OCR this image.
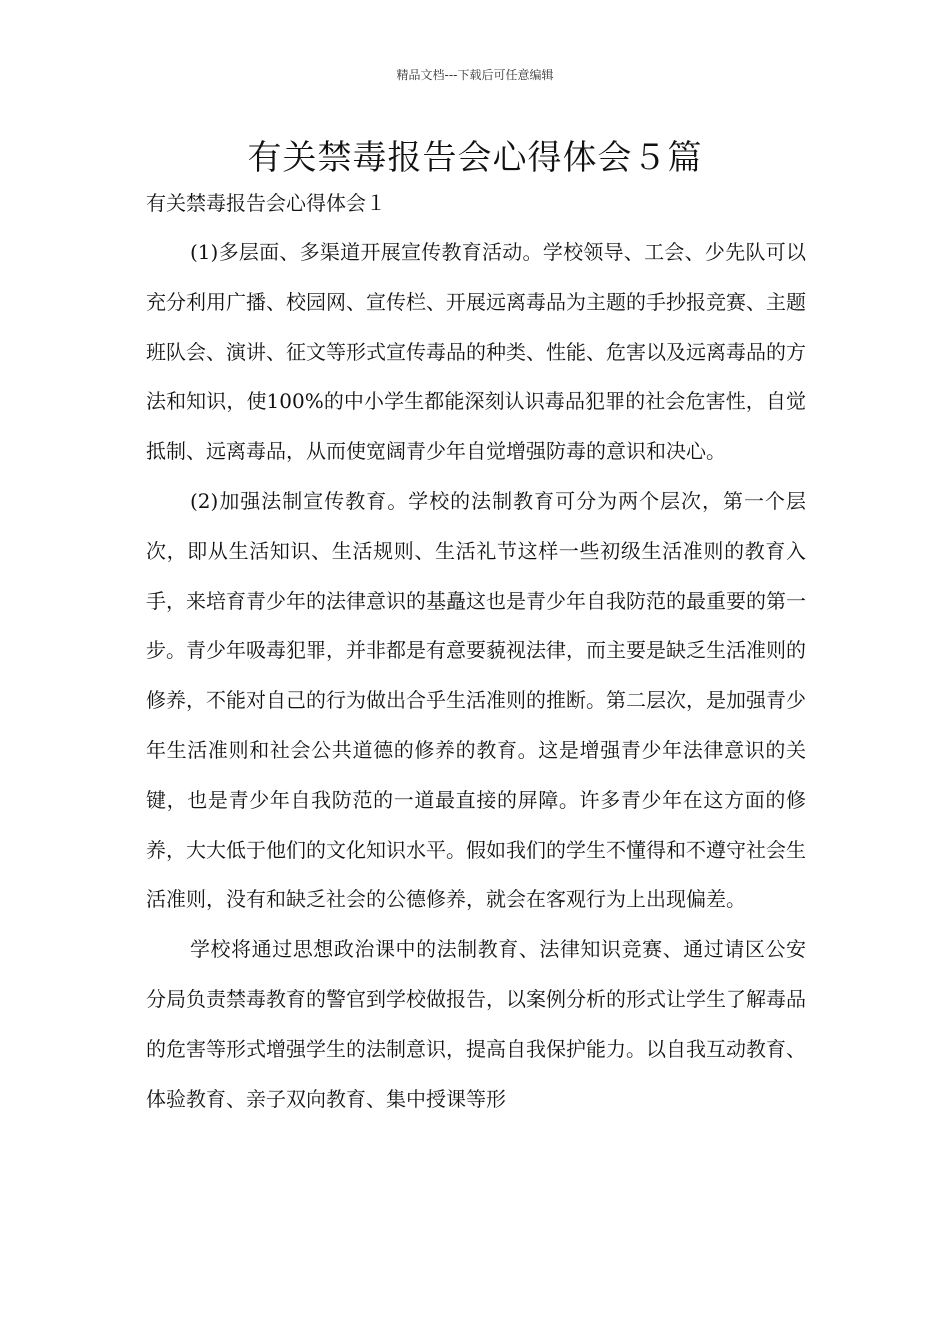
精品文档---下载后可任意编辑
有关禁毒报告会心得体会５篇
有关禁毒报告会心得体会１

(1)多层面、多渠道开展宣传教育活动。学校领导、工会、少先队可以充分利用广播、校园网、宣传栏、开展远离毒品为主题的手抄报竞赛、主题班队会、演讲、征文等形式宣传毒品的种类、性能、危害以及远离毒品的方法和知识，使100%的中小学生都能深刻认识毒品犯罪的社会危害性，自觉抵制、远离毒品，从而使宽阔青少年自觉增强防毒的意识和决心。

(2)加强法制宣传教育。学校的法制教育可分为两个层次，第一个层次，即从生活知识、生活规则、生活礼节这样一些初级生活准则的教育入手，来培育青少年的法律意识的基矗这也是青少年自我防范的最重要的第一步。青少年吸毒犯罪，并非都是有意要藐视法律，而主要是缺乏生活准则的修养，不能对自己的行为做出合乎生活准则的推断。第二层次，是加强青少年生活准则和社会公共道德的修养的教育。这是增强青少年法律意识的关键，也是青少年自我防范的一道最直接的屏障。许多青少年在这方面的修养，大大低于他们的文化知识水平。假如我们的学生不懂得和不遵守社会生活准则，没有和缺乏社会的公德修养，就会在客观行为上出现偏差。

学校将通过思想政治课中的法制教育、法律知识竞赛、通过请区公安分局负责禁毒教育的警官到学校做报告，以案例分析的形式让学生了解毒品的危害等形式增强学生的法制意识，提高自我保护能力。以自我互动教育、体验教育、亲子双向教育、集中授课等形
